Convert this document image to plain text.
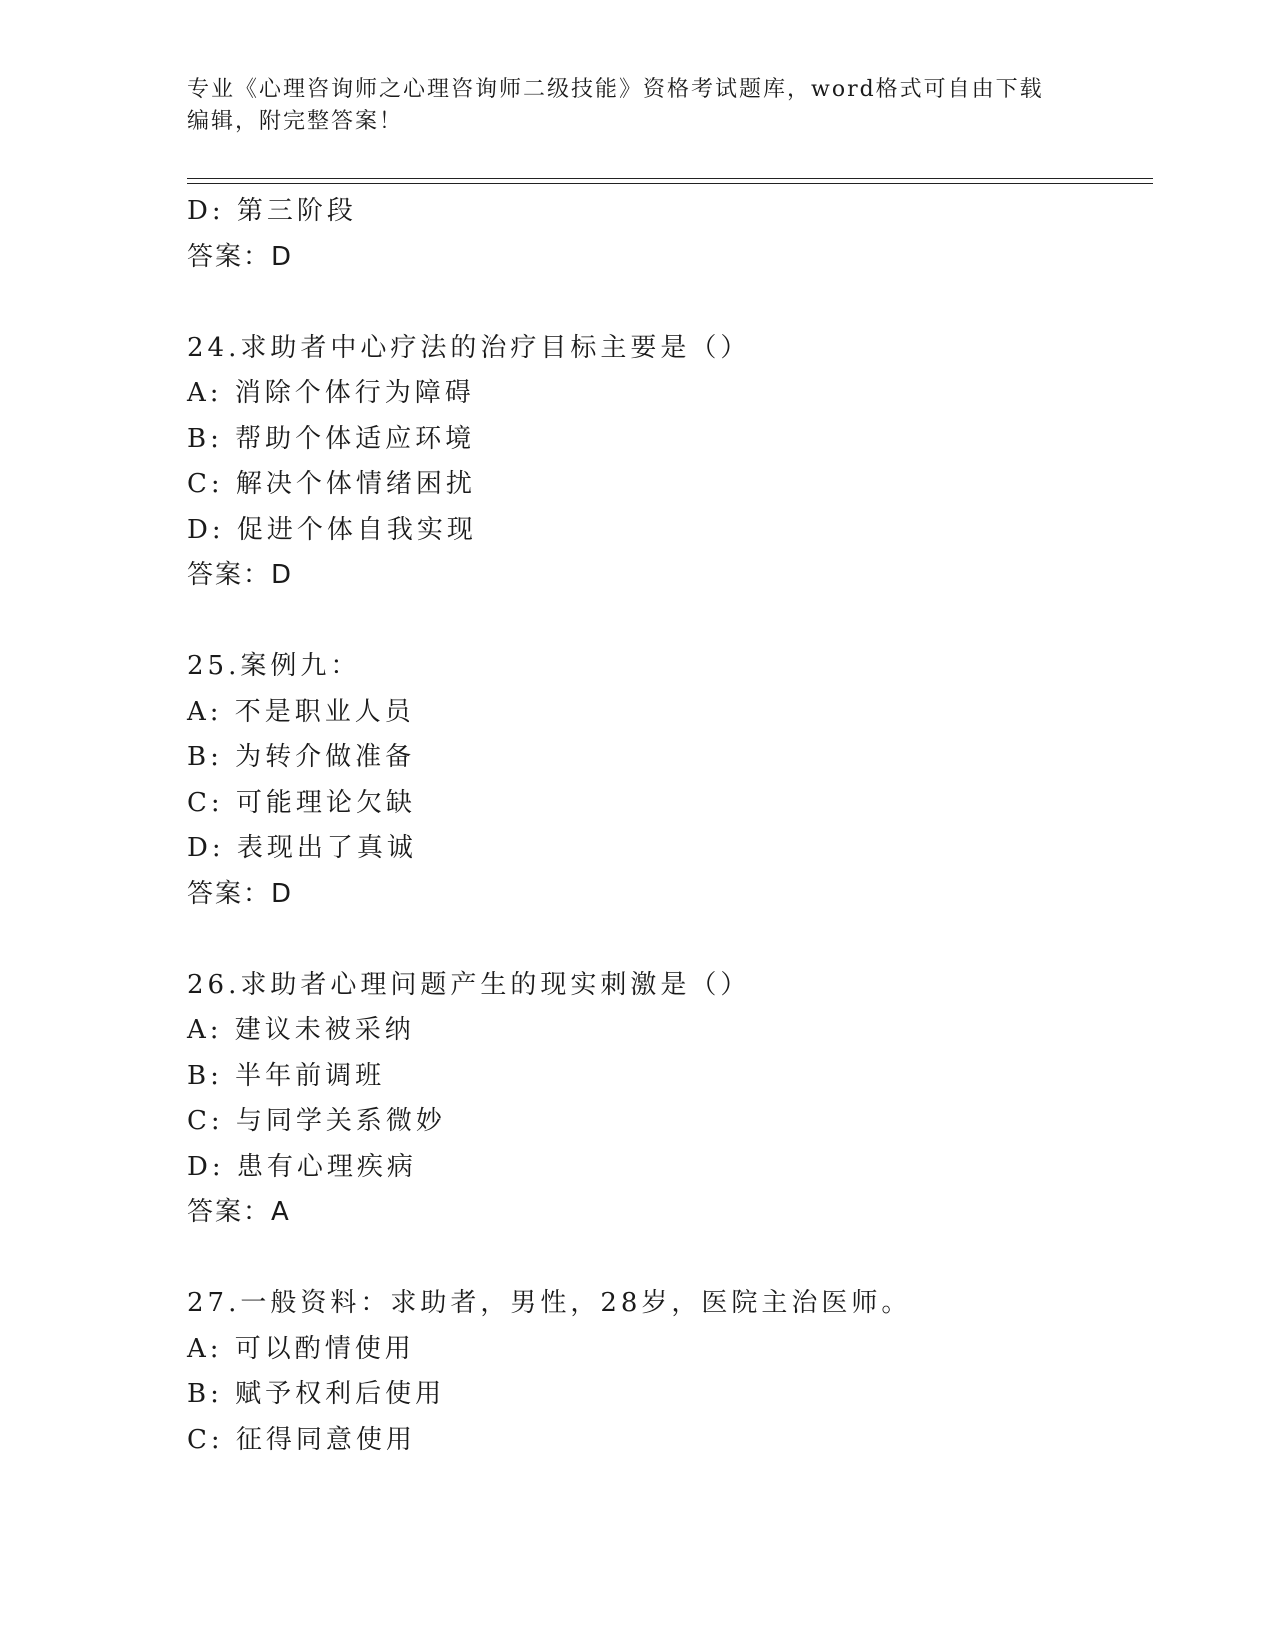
专业《心理咨询师之心理咨询师二级技能》资格考试题库，word格式可自由下载
编辑，附完整答案！
D: 第三阶段
答案：D
24.求助者中心疗法的治疗目标主要是（）
A: 消除个体行为障碍
B: 帮助个体适应环境
C: 解决个体情绪困扰
D: 促进个体自我实现
答案：D
25.案例九：
A: 不是职业人员
B: 为转介做准备
C: 可能理论欠缺
D: 表现出了真诚
答案：D
26.求助者心理问题产生的现实刺激是（）
A: 建议未被采纳
B: 半年前调班
C: 与同学关系微妙
D: 患有心理疾病
答案：A
27.一般资料：求助者，男性，28岁，医院主治医师。
A: 可以酌情使用
B: 赋予权利后使用
C: 征得同意使用
